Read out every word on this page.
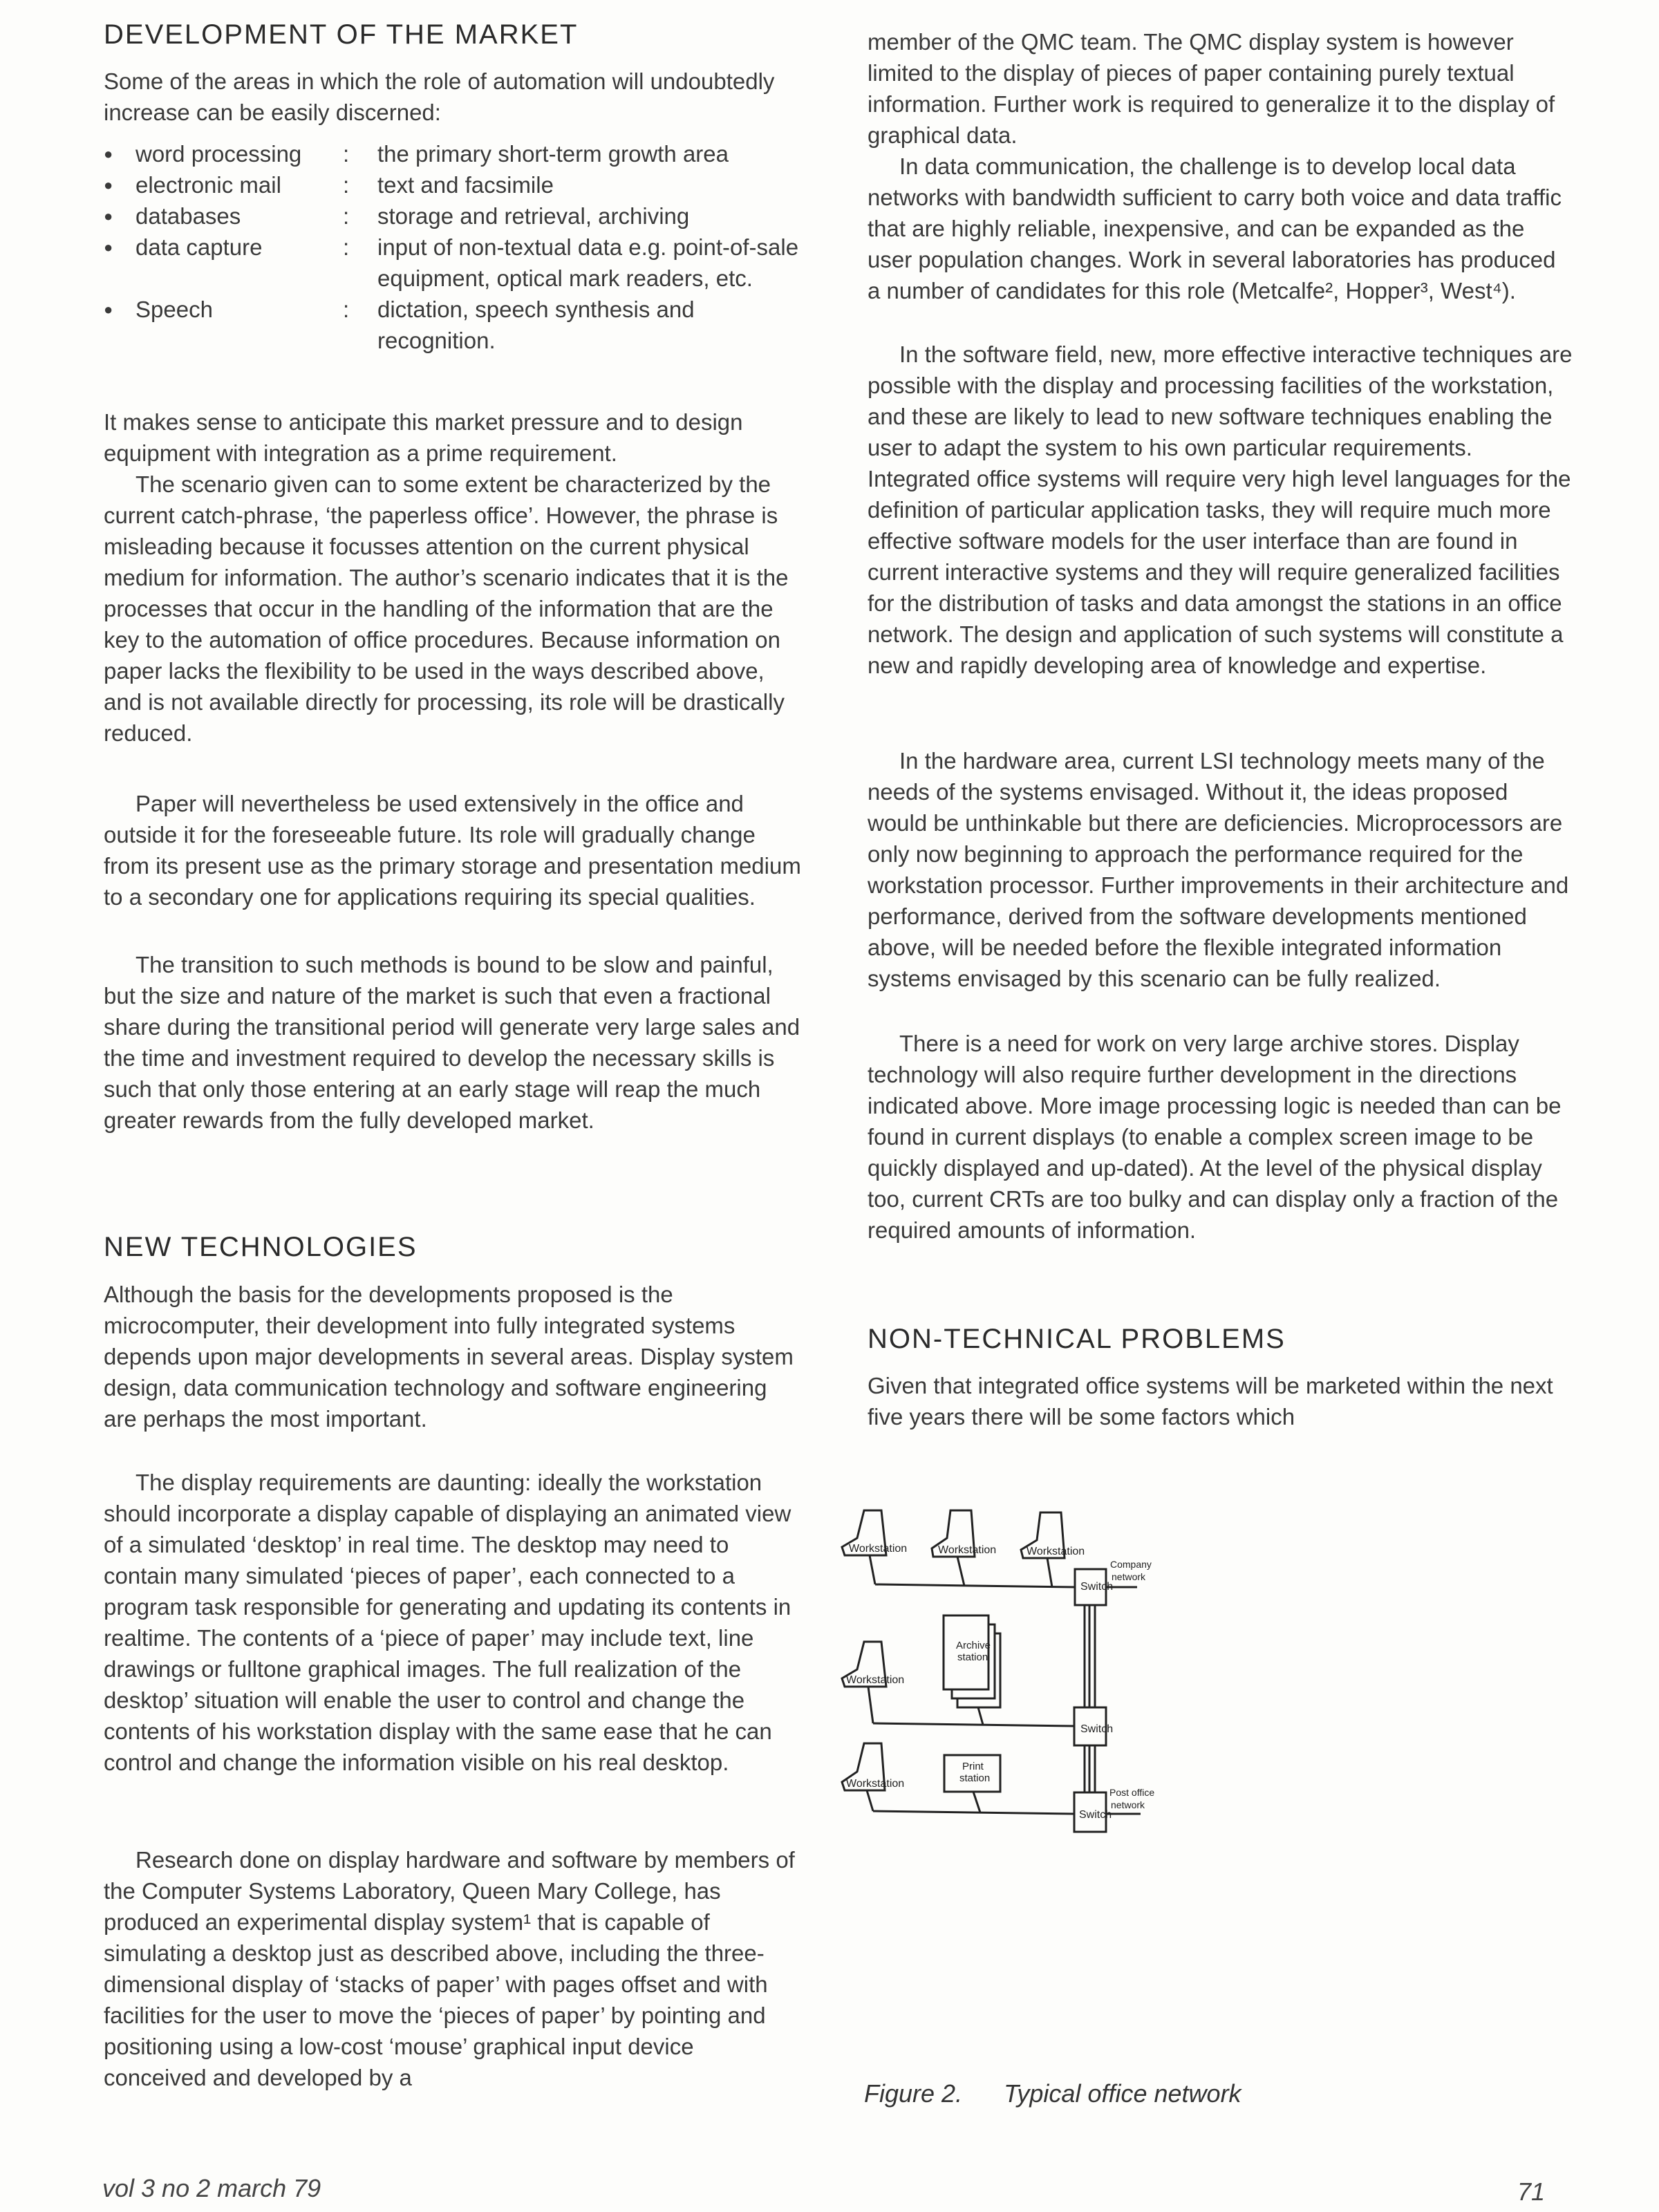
DEVELOPMENT OF THE MARKET

Some of the areas in which the role of automation will undoubtedly increase can be easily discerned:

● word processing	:	the primary short-term growth area
● electronic mail	:	text and facsimile
● databases	:	storage and retrieval, archiving
● data capture	:	input of non-textual data e.g. point-of-sale equipment, optical mark readers, etc.
● Speech	:	dictation, speech synthesis and recognition.

It makes sense to anticipate this market pressure and to design equipment with integration as a prime requirement.

The scenario given can to some extent be characterized by the current catch-phrase, ‘the paperless office’. However, the phrase is misleading because it focusses attention on the current physical medium for information. The author’s scenario indicates that it is the processes that occur in the handling of the information that are the key to the automation of office procedures. Because information on paper lacks the flexibility to be used in the ways described above, and is not available directly for processing, its role will be drastically reduced.

Paper will nevertheless be used extensively in the office and outside it for the foreseeable future. Its role will gradually change from its present use as the primary storage and presentation medium to a secondary one for applications requiring its special qualities.

The transition to such methods is bound to be slow and painful, but the size and nature of the market is such that even a fractional share during the transitional period will generate very large sales and the time and investment required to develop the necessary skills is such that only those entering at an early stage will reap the much greater rewards from the fully developed market.

NEW TECHNOLOGIES

Although the basis for the developments proposed is the microcomputer, their development into fully integrated systems depends upon major developments in several areas. Display system design, data communication technology and software engineering are perhaps the most important.

The display requirements are daunting: ideally the workstation should incorporate a display capable of displaying an animated view of a simulated ‘desktop’ in real time. The desktop may need to contain many simulated ‘pieces of paper’, each connected to a program task responsible for generating and updating its contents in realtime. The contents of a ‘piece of paper’ may include text, line drawings or fulltone graphical images. The full realization of the desktop’ situation will enable the user to control and change the contents of his workstation display with the same ease that he can control and change the information visible on his real desktop.

Research done on display hardware and software by members of the Computer Systems Laboratory, Queen Mary College, has produced an experimental display system¹ that is capable of simulating a desktop just as described above, including the three-dimensional display of ‘stacks of paper’ with pages offset and with facilities for the user to move the ‘pieces of paper’ by pointing and positioning using a low-cost ‘mouse’ graphical input device conceived and developed by a

member of the QMC team. The QMC display system is however limited to the display of pieces of paper containing purely textual information. Further work is required to generalize it to the display of graphical data.

In data communication, the challenge is to develop local data networks with bandwidth sufficient to carry both voice and data traffic that are highly reliable, inexpensive, and can be expanded as the user population changes. Work in several laboratories has produced a number of candidates for this role (Metcalfe², Hopper³, West⁴).

In the software field, new, more effective interactive techniques are possible with the display and processing facilities of the workstation, and these are likely to lead to new software techniques enabling the user to adapt the system to his own particular requirements. Integrated office systems will require very high level languages for the definition of particular application tasks, they will require much more effective software models for the user interface than are found in current interactive systems and they will require generalized facilities for the distribution of tasks and data amongst the stations in an office network. The design and application of such systems will constitute a new and rapidly developing area of knowledge and expertise.

In the hardware area, current LSI technology meets many of the needs of the systems envisaged. Without it, the ideas proposed would be unthinkable but there are deficiencies. Microprocessors are only now beginning to approach the performance required for the workstation processor. Further improvements in their architecture and performance, derived from the software developments mentioned above, will be needed before the flexible integrated information systems envisaged by this scenario can be fully realized.

There is a need for work on very large archive stores. Display technology will also require further development in the directions indicated above. More image processing logic is needed than can be found in current displays (to enable a complex screen image to be quickly displayed and up-dated). At the level of the physical display too, current CRTs are too bulky and can display only a fraction of the required amounts of information.

NON-TECHNICAL PROBLEMS

Given that integrated office systems will be marketed within the next five years there will be some factors which

Workstation	Workstation	Workstation
Switch
Company
network
Workstation
Archive
station
Switch
Workstation
Print
station
Switch
Post office
network
Figure 2. Typical office network
vol 3 no 2 march 79	71
